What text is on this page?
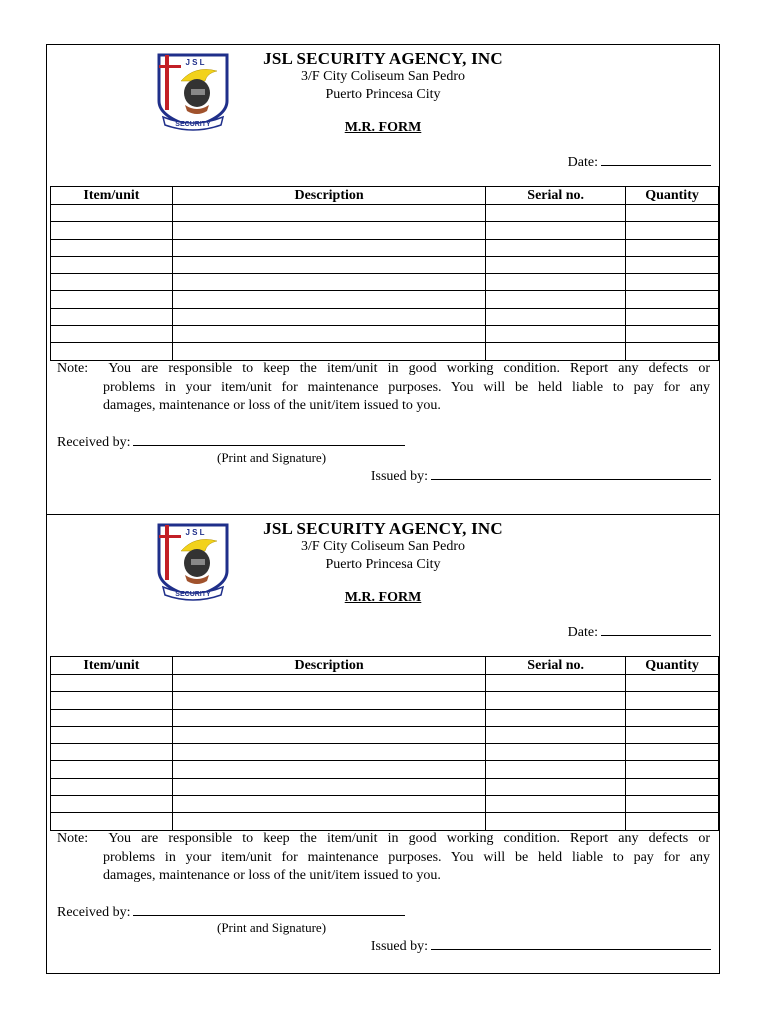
J S L
SECURITY
JSL SECURITY AGENCY, INC
3/F City Coliseum San Pedro
Puerto Princesa City
M.R. FORM
Date:
Item/unit	Description	Serial no.	Quantity

Note: You are responsible to keep the item/unit in good working condition. Report any defects or
problems in your item/unit for maintenance purposes. You will be held liable to pay for any
damages, maintenance or loss of the unit/item issued to you.
Received by:
(Print and Signature)
Issued by:
J S L
SECURITY
JSL SECURITY AGENCY, INC
3/F City Coliseum San Pedro
Puerto Princesa City
M.R. FORM
Date:
Item/unit	Description	Serial no.	Quantity

Note: You are responsible to keep the item/unit in good working condition. Report any defects or
problems in your item/unit for maintenance purposes. You will be held liable to pay for any
damages, maintenance or loss of the unit/item issued to you.
Received by:
(Print and Signature)
Issued by:
